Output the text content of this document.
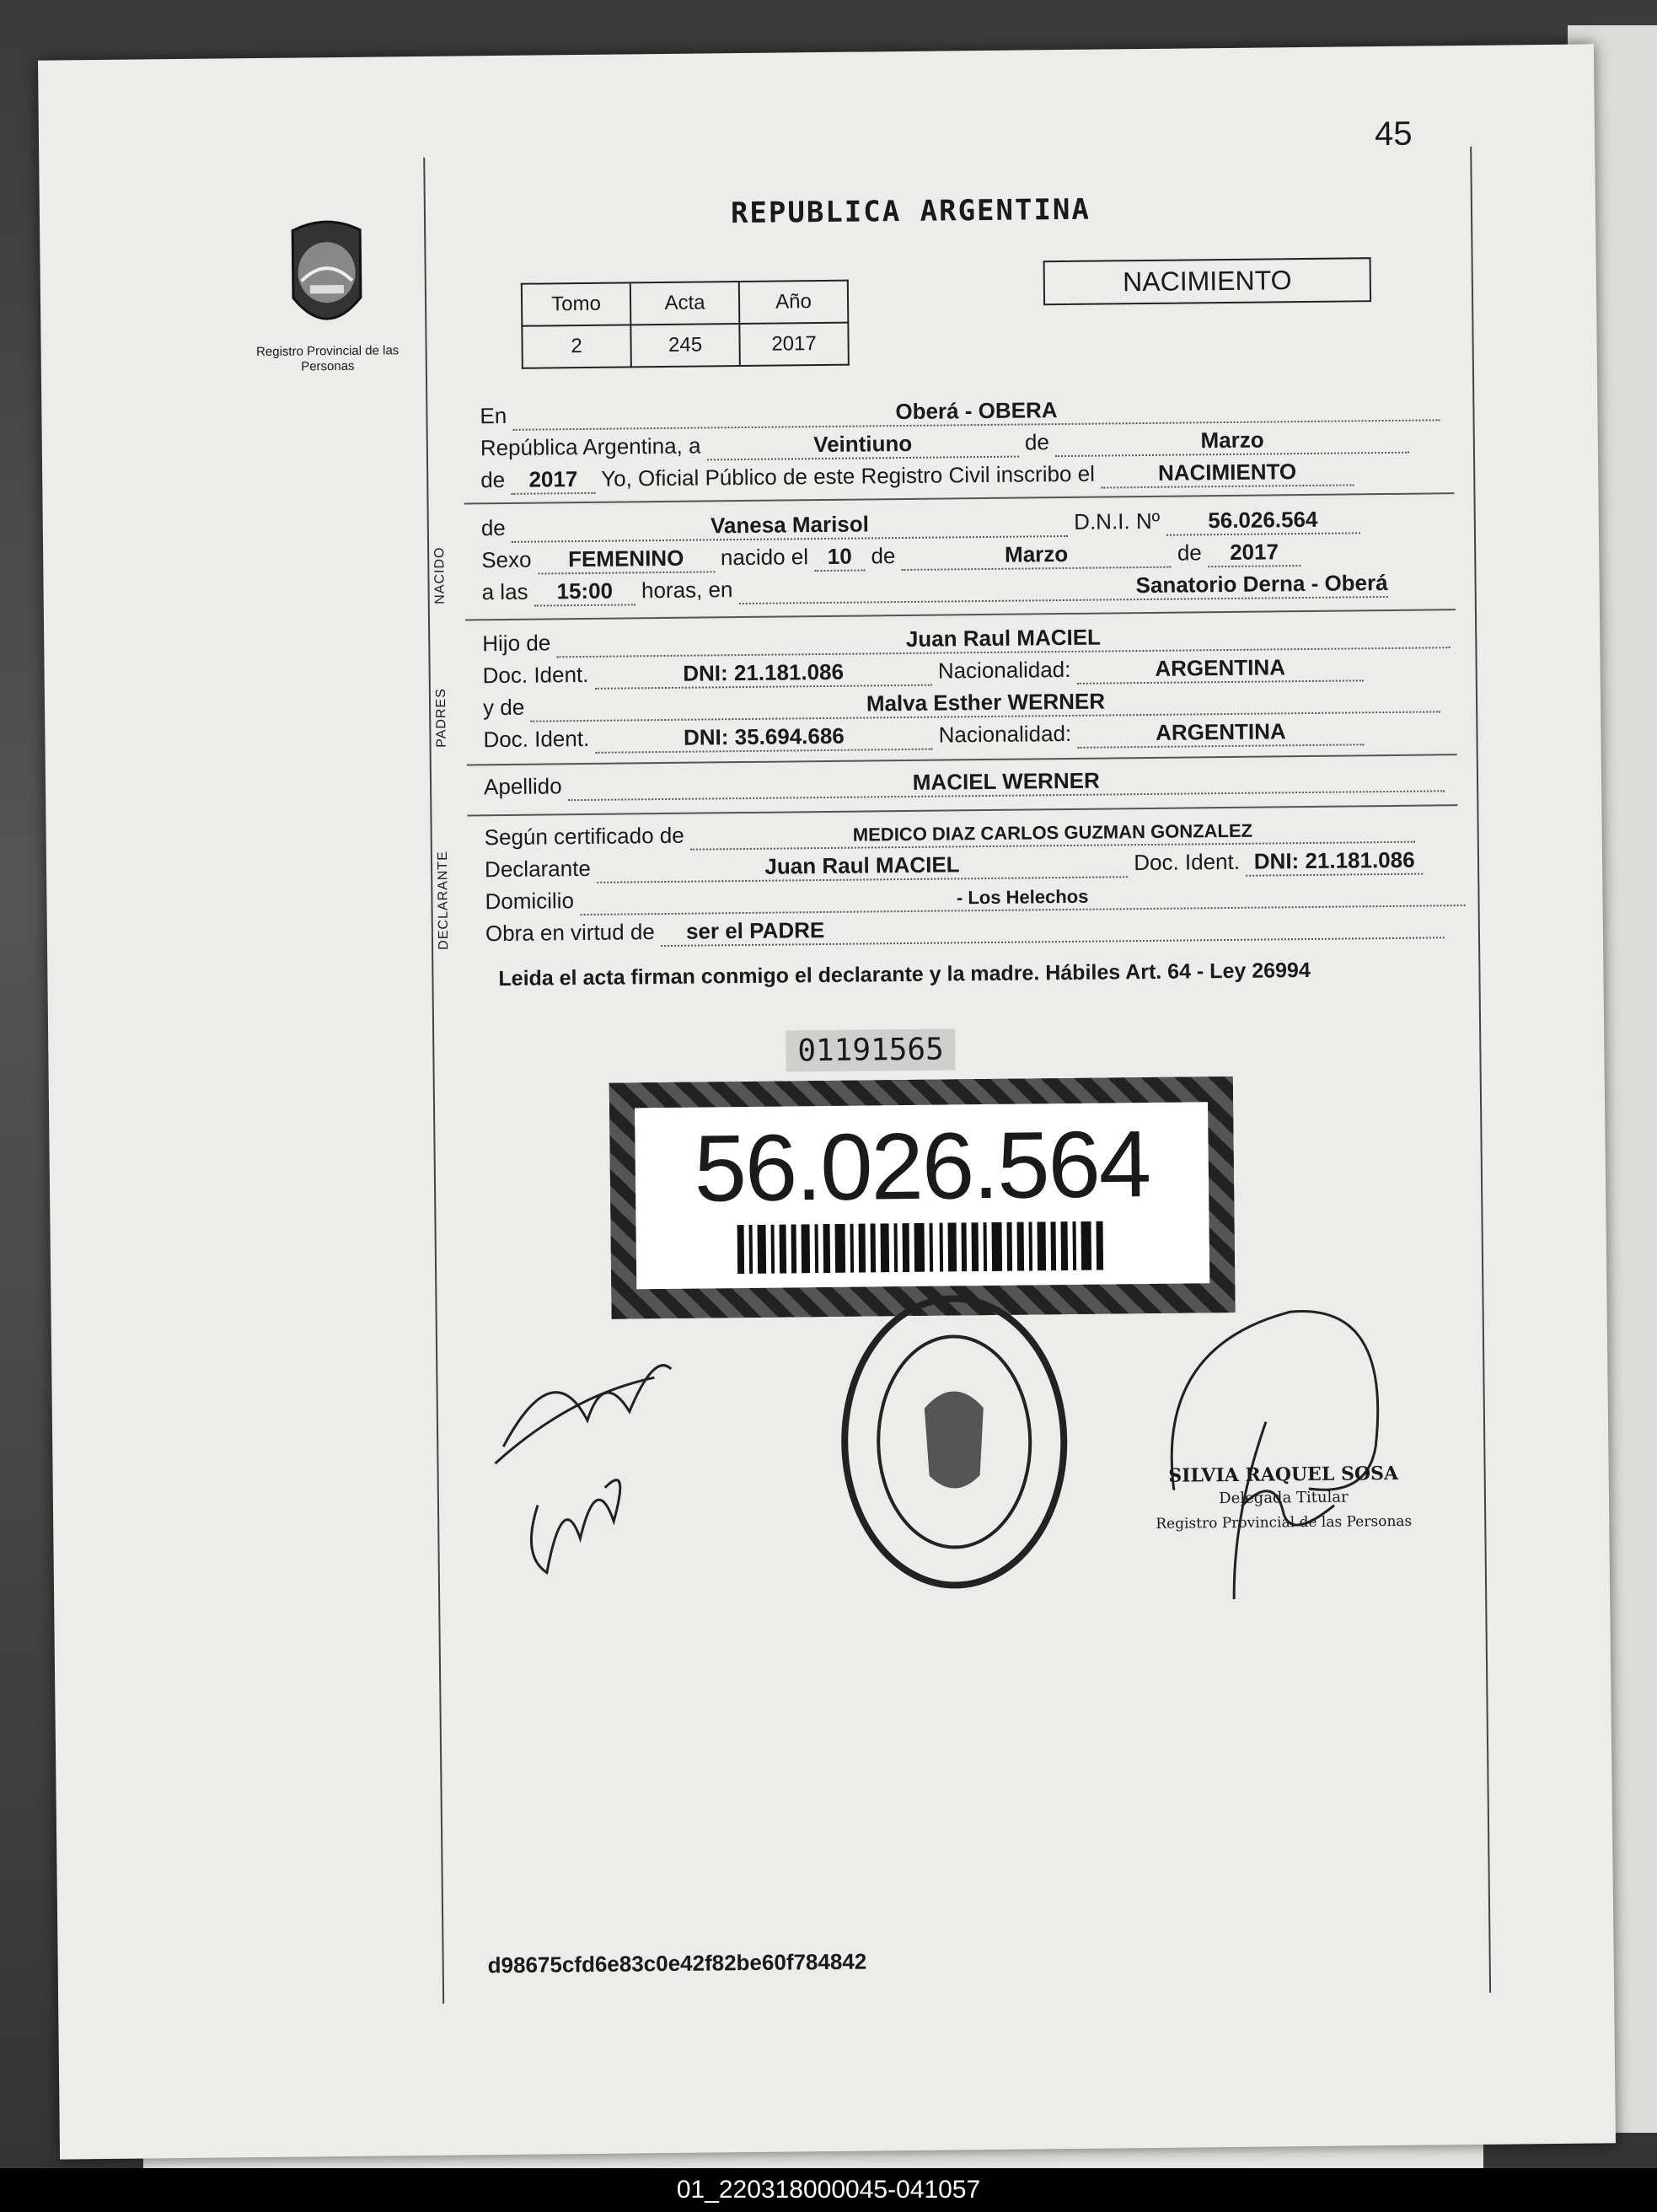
45
Registro Provincial de las Personas
REPUBLICA ARGENTINA
Tomo	Acta	Año
2	245	2017
NACIMIENTO
En	Oberá - OBERA
República Argentina, a	Veintiuno	de	Marzo
de 2017 Yo, Oficial Público de este Registro Civil inscribo el	NACIMIENTO
NACIDO
de	Vanesa Marisol	D.N.I. Nº 56.026.564
Sexo FEMENINO nacido el 10 de	Marzo	de 2017
a las 15:00 horas, en	Sanatorio Derna - Oberá
PADRES
Hijo de	Juan Raul MACIEL
Doc. Ident.	DNI: 21.181.086	Nacionalidad:	ARGENTINA
y de	Malva Esther WERNER
Doc. Ident.	DNI: 35.694.686	Nacionalidad:	ARGENTINA
Apellido	MACIEL WERNER
DECLARANTE
Según certificado de	MEDICO DIAZ CARLOS GUZMAN GONZALEZ
Declarante	Juan Raul MACIEL	Doc. Ident. DNI: 21.181.086
Domicilio	- Los Helechos
Obra en virtud de ser el PADRE
Leida el acta firman conmigo el declarante y la madre. Hábiles Art. 64 - Ley 26994
01191565
56.026.564
SILVIA RAQUEL SOSA
Delegada Titular
Registro Provincial de las Personas
d98675cfd6e83c0e42f82be60f784842
01_220318000045-041057
